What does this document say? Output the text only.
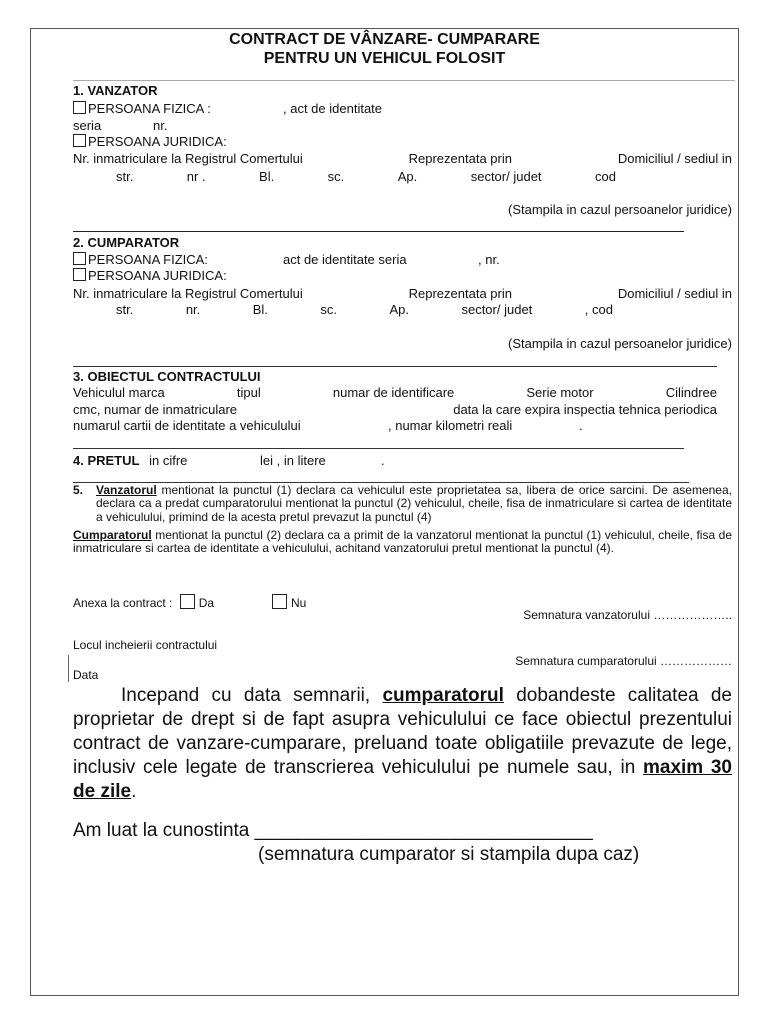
CONTRACT DE VÂNZARE- CUMPARARE
PENTRU UN VEHICUL FOLOSIT
1. VANZATOR
PERSOANA FIZICA :	, act de identitate
seria	nr.
PERSOANA JURIDICA:
Nr. inmatriculare la Registrul Comertului	Reprezentata prin	Domiciliul / sediul in
str.	nr .	Bl.	sc.	Ap.	sector/ judet	cod
(Stampila in cazul persoanelor juridice)
2. CUMPARATOR
PERSOANA FIZICA:	act de identitate seria	, nr.
PERSOANA JURIDICA:
Nr. inmatriculare la Registrul Comertului	Reprezentata prin	Domiciliul / sediul in
str.	nr.	Bl.	sc.	Ap.	sector/ judet	, cod
(Stampila in cazul persoanelor juridice)
3. OBIECTUL CONTRACTULUI
Vehiculul marca	tipul	numar de identificare	Serie motor	Cilindree
cmc, numar de inmatriculare	data la care expira inspectia tehnica periodica
numarul cartii de identitate a vehiculului	, numar kilometri reali	.
4. PRETUL in cifre	lei , in litere	.
5. Vanzatorul mentionat la punctul (1) declara ca vehiculul este proprietatea sa, libera de orice sarcini. De asemenea, declara ca a predat cumparatorului mentionat la punctul (2) vehiculul, cheile, fisa de inmatriculare si cartea de identitate a vehiculului, primind de la acesta pretul prevazut la punctul (4)
Cumparatorul mentionat la punctul (2) declara ca a primit de la vanzatorul mentionat la punctul (1) vehiculul, cheile, fisa de inmatriculare si cartea de identitate a vehiculului, achitand vanzatorului pretul mentionat la punctul (4).
Anexa la contract : Da	Nu
Semnatura vanzatorului ………………..
Locul incheierii contractului
Semnatura cumparatorului ………………
Data
Incepand cu data semnarii, cumparatorul dobandeste calitatea de proprietar de drept si de fapt asupra vehiculului ce face obiectul prezentului contract de vanzare-cumparare, preluand toate obligatiile prevazute de lege, inclusiv cele legate de transcrierea vehiculului pe numele sau, in maxim 30 de zile.
Am luat la cunostinta ________________________________
(semnatura cumparator si stampila dupa caz)
